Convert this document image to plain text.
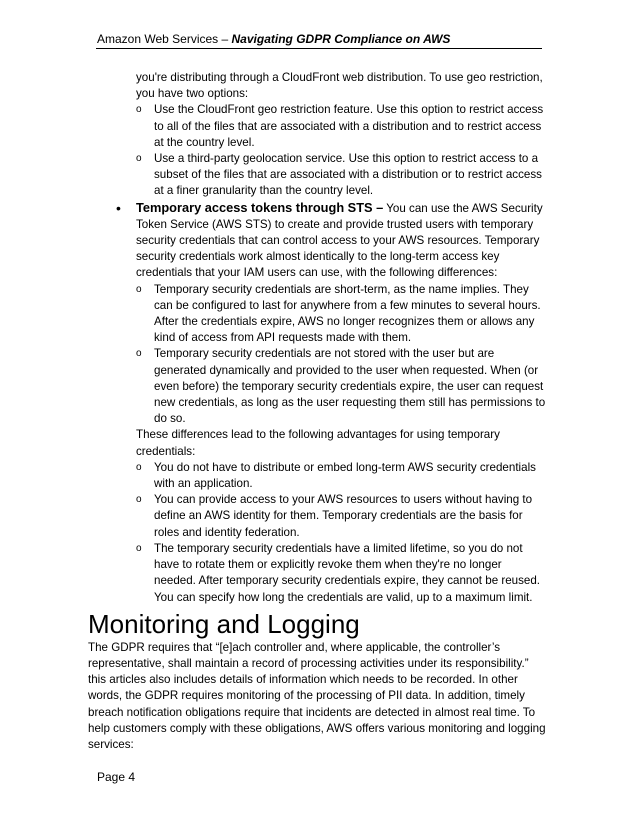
Amazon Web Services – Navigating GDPR Compliance on AWS

you're distributing through a CloudFront web distribution. To use geo restriction, you have two options:

o Use the CloudFront geo restriction feature. Use this option to restrict access to all of the files that are associated with a distribution and to restrict access at the country level.
o Use a third-party geolocation service. Use this option to restrict access to a subset of the files that are associated with a distribution or to restrict access at a finer granularity than the country level.
• Temporary access tokens through STS – You can use the AWS Security Token Service (AWS STS) to create and provide trusted users with temporary security credentials that can control access to your AWS resources. Temporary security credentials work almost identically to the long-term access key credentials that your IAM users can use, with the following differences:
o Temporary security credentials are short-term, as the name implies. They can be configured to last for anywhere from a few minutes to several hours. After the credentials expire, AWS no longer recognizes them or allows any kind of access from API requests made with them.
o Temporary security credentials are not stored with the user but are generated dynamically and provided to the user when requested. When (or even before) the temporary security credentials expire, the user can request new credentials, as long as the user requesting them still has permissions to do so.

These differences lead to the following advantages for using temporary credentials:

o You do not have to distribute or embed long-term AWS security credentials with an application.
o You can provide access to your AWS resources to users without having to define an AWS identity for them. Temporary credentials are the basis for roles and identity federation.
o The temporary security credentials have a limited lifetime, so you do not have to rotate them or explicitly revoke them when they're no longer needed. After temporary security credentials expire, they cannot be reused. You can specify how long the credentials are valid, up to a maximum limit.
Monitoring and Logging

The GDPR requires that “[e]ach controller and, where applicable, the controller’s representative, shall maintain a record of processing activities under its responsibility.” this articles also includes details of information which needs to be recorded. In other words, the GDPR requires monitoring of the processing of PII data. In addition, timely breach notification obligations require that incidents are detected in almost real time. To help customers comply with these obligations, AWS offers various monitoring and logging services:

Page 4
